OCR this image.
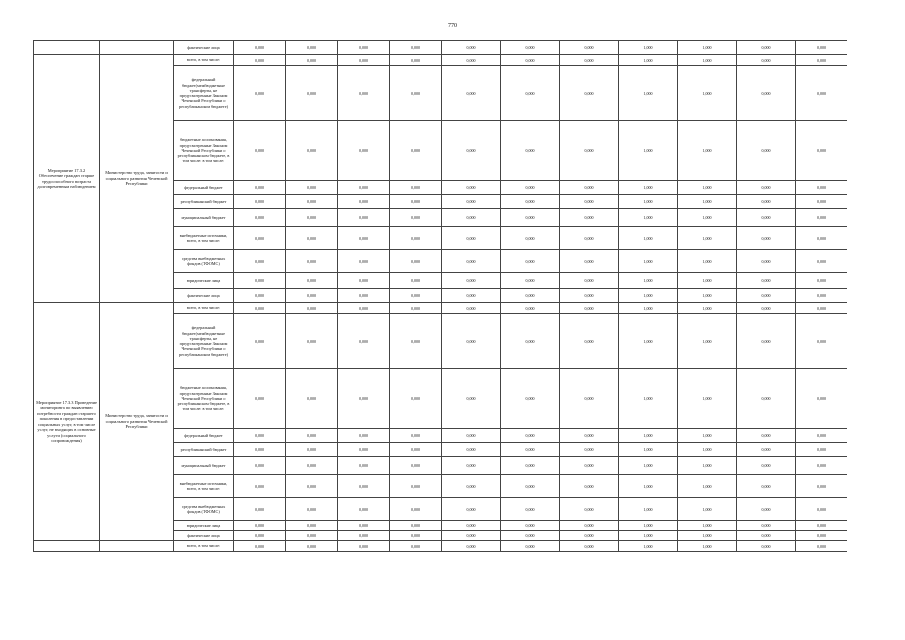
770
		фактические лица	0,000	0,000	0,000	0,000	0,000	0,000	0,000	1,000	1,000	0,000	0,000
Мероприятие 17.3.2 Обеспечение граждан старше трудоспособного возраста долговременным наблюдением	Министерство труда, занятости и социального развития Чеченской Республики	всего, в том числе:	0,000	0,000	0,000	0,000	0,000	0,000	0,000	1,000	1,000	0,000	0,000
		федеральный бюджет(межбюджетные трансферты, не предусмотренные Законом Чеченской Республики о республиканском бюджете)	0,000	0,000	0,000	0,000	0,000	0,000	0,000	1,000	1,000	0,000	0,000
		бюджетные ассигнования, предусмотренные Законом Чеченской Республики о республиканском бюджете, в том числе: в том числе:	0,000	0,000	0,000	0,000	0,000	0,000	0,000	1,000	1,000	0,000	0,000
		федеральный бюджет	0,000	0,000	0,000	0,000	0,000	0,000	0,000	1,000	1,000	0,000	0,000
		республиканский бюджет	0,000	0,000	0,000	0,000	0,000	0,000	0,000	1,000	1,000	0,000	0,000
		муниципальный бюджет	0,000	0,000	0,000	0,000	0,000	0,000	0,000	1,000	1,000	0,000	0,000
		внебюджетные источники, всего, в том числе:	0,000	0,000	0,000	0,000	0,000	0,000	0,000	1,000	1,000	0,000	0,000
		средства внебюджетных фондов (ТФОМС)	0,000	0,000	0,000	0,000	0,000	0,000	0,000	1,000	1,000	0,000	0,000
		юридические лица	0,000	0,000	0,000	0,000	0,000	0,000	0,000	1,000	1,000	0,000	0,000
		фактические лица	0,000	0,000	0,000	0,000	0,000	0,000	0,000	1,000	1,000	0,000	0,000
Мероприятие 17.3.3 Проведение мониторинга по выявлению потребности граждан старшего поколения в предоставлении социальных услуг, в том числе услуг, не входящих в основные услуги (социального сопровождения)	Министерство труда, занятости и социального развития Чеченской Республики	всего, в том числе:	0,000	0,000	0,000	0,000	0,000	0,000	0,000	1,000	1,000	0,000	0,000
		федеральный бюджет(межбюджетные трансферты, не предусмотренные Законом Чеченской Республики о республиканском бюджете)	0,000	0,000	0,000	0,000	0,000	0,000	0,000	1,000	1,000	0,000	0,000
		бюджетные ассигнования, предусмотренные Законом Чеченской Республики о республиканском бюджете, в том числе: в том числе:	0,000	0,000	0,000	0,000	0,000	0,000	0,000	1,000	1,000	0,000	0,000
		федеральный бюджет	0,000	0,000	0,000	0,000	0,000	0,000	0,000	1,000	1,000	0,000	0,000
		республиканский бюджет	0,000	0,000	0,000	0,000	0,000	0,000	0,000	1,000	1,000	0,000	0,000
		муниципальный бюджет	0,000	0,000	0,000	0,000	0,000	0,000	0,000	1,000	1,000	0,000	0,000
		внебюджетные источники, всего, в том числе:	0,000	0,000	0,000	0,000	0,000	0,000	0,000	1,000	1,000	0,000	0,000
		средства внебюджетных фондов (ТФОМС)	0,000	0,000	0,000	0,000	0,000	0,000	0,000	1,000	1,000	0,000	0,000
		юридические лица	0,000	0,000	0,000	0,000	0,000	0,000	0,000	1,000	1,000	0,000	0,000
		фактические лица	0,000	0,000	0,000	0,000	0,000	0,000	0,000	1,000	1,000	0,000	0,000
		всего, в том числе:	0,000	0,000	0,000	0,000	0,000	0,000	0,000	1,000	1,000	0,000	0,000
